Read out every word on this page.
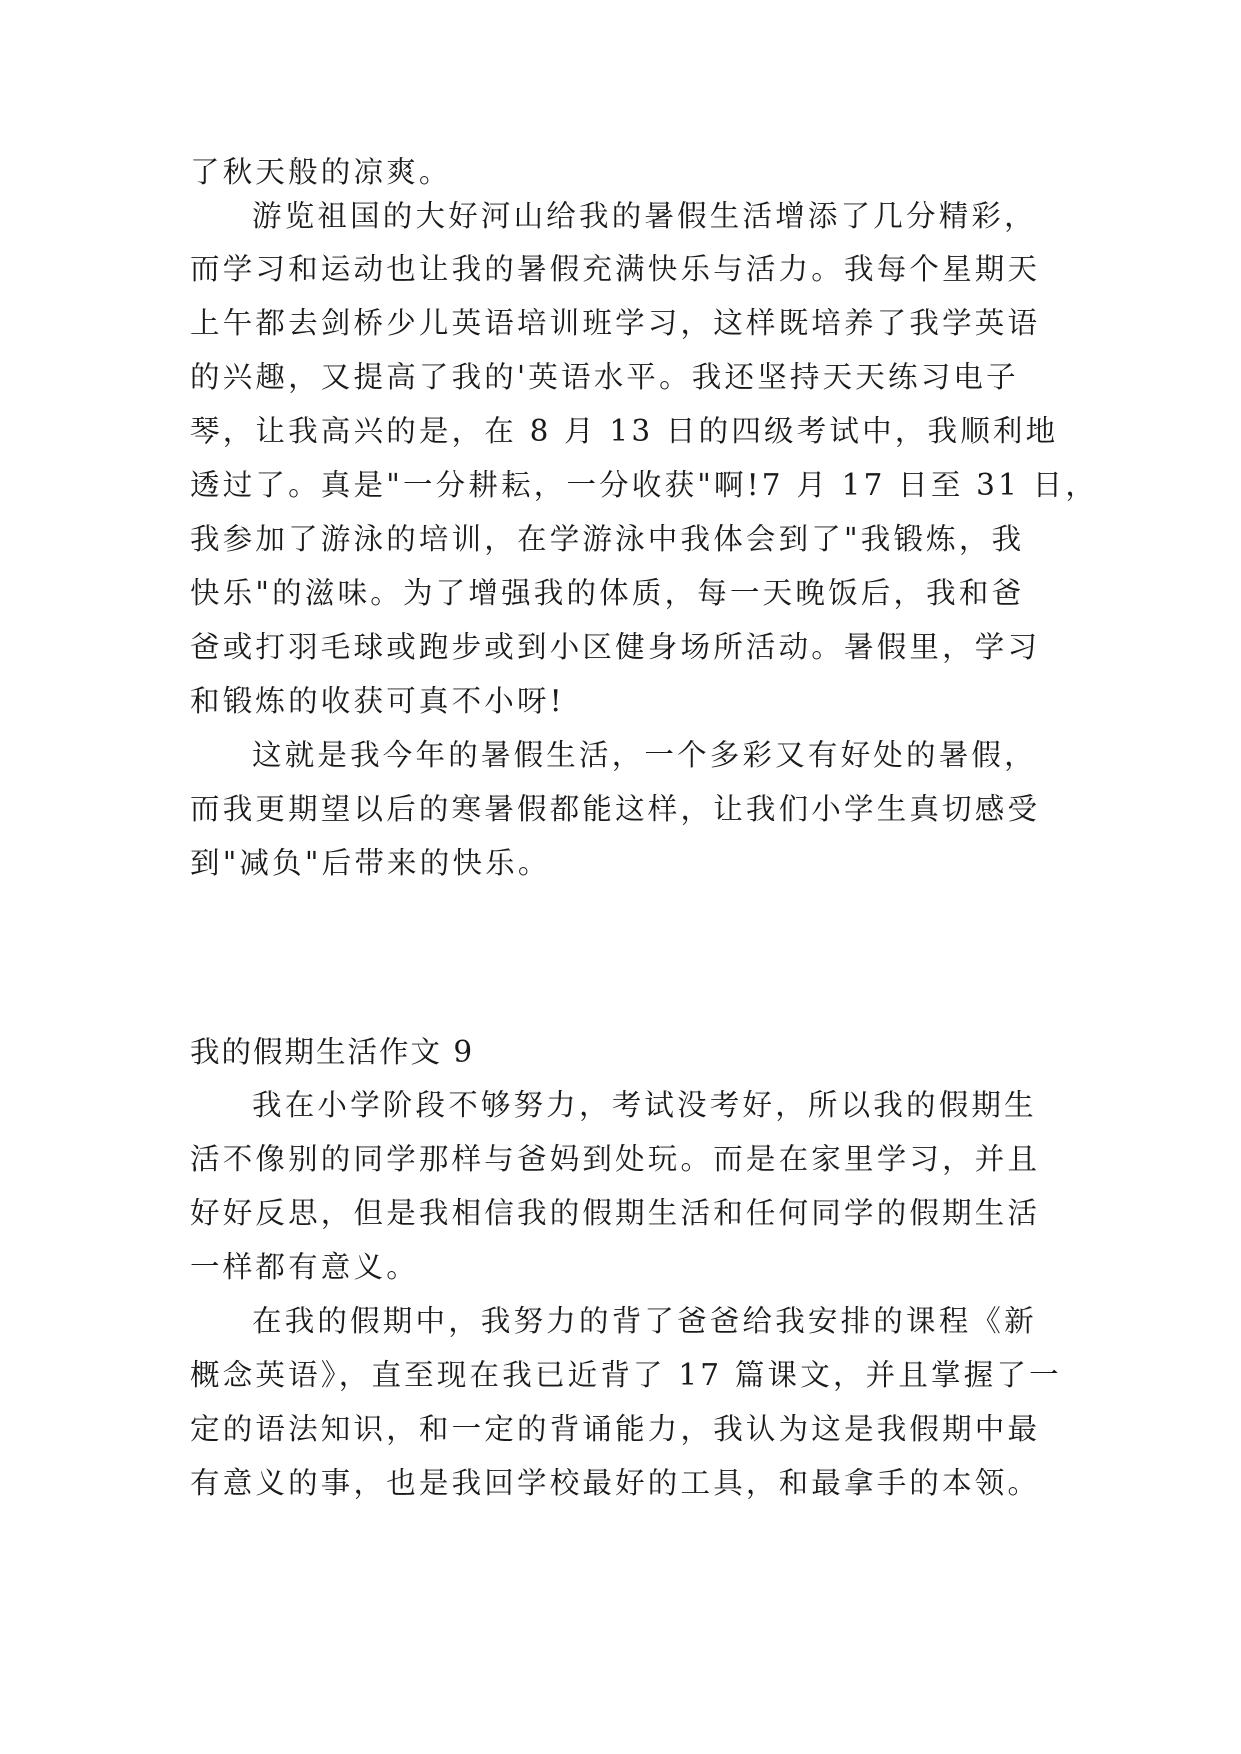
了秋天般的凉爽。
游览祖国的大好河山给我的暑假生活增添了几分精彩，
而学习和运动也让我的暑假充满快乐与活力。我每个星期天
上午都去剑桥少儿英语培训班学习，这样既培养了我学英语
的兴趣，又提高了我的'英语水平。我还坚持天天练习电子
琴，让我高兴的是，在 8 月 13 日的四级考试中，我顺利地
透过了。真是"一分耕耘，一分收获"啊!7 月 17 日至 31 日，
我参加了游泳的培训，在学游泳中我体会到了"我锻炼，我
快乐"的滋味。为了增强我的体质，每一天晚饭后，我和爸
爸或打羽毛球或跑步或到小区健身场所活动。暑假里，学习
和锻炼的收获可真不小呀!
这就是我今年的暑假生活，一个多彩又有好处的暑假，
而我更期望以后的寒暑假都能这样，让我们小学生真切感受
到"减负"后带来的快乐。
我的假期生活作文 9
我在小学阶段不够努力，考试没考好，所以我的假期生
活不像别的同学那样与爸妈到处玩。而是在家里学习，并且
好好反思，但是我相信我的假期生活和任何同学的假期生活
一样都有意义。
在我的假期中，我努力的背了爸爸给我安排的课程《新
概念英语》，直至现在我已近背了 17 篇课文，并且掌握了一
定的语法知识，和一定的背诵能力，我认为这是我假期中最
有意义的事，也是我回学校最好的工具，和最拿手的本领。
